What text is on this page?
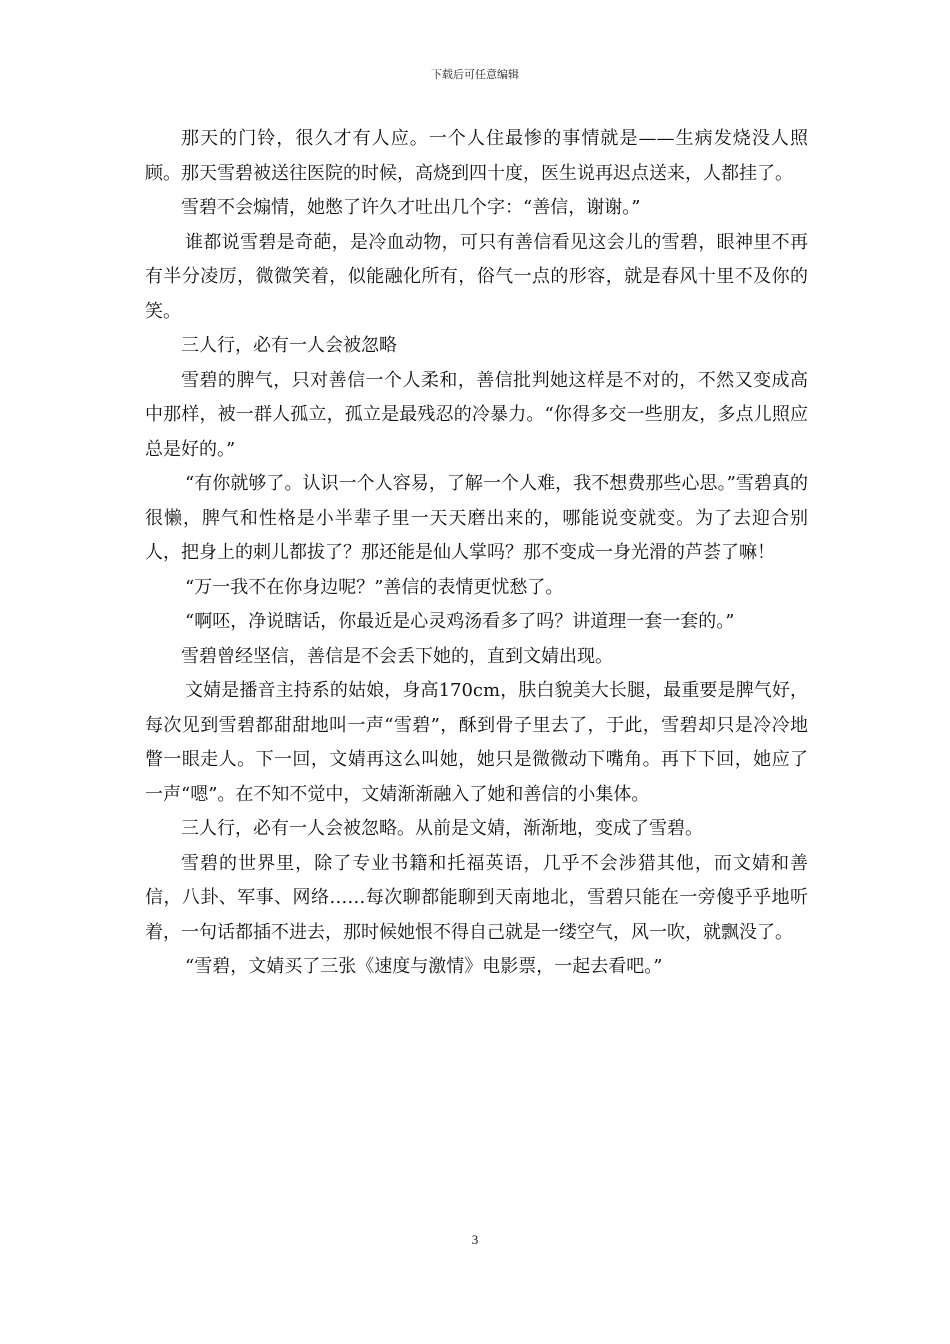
下载后可任意编辑

那天的门铃，很久才有人应。一个人住最惨的事情就是——生病发烧没人照顾。那天雪碧被送往医院的时候，高烧到四十度，医生说再迟点送来，人都挂了。

雪碧不会煽情，她憋了许久才吐出几个字：“善信，谢谢。”

谁都说雪碧是奇葩，是冷血动物，可只有善信看见这会儿的雪碧，眼神里不再有半分凌厉，微微笑着，似能融化所有，俗气一点的形容，就是春风十里不及你的笑。

三人行，必有一人会被忽略

雪碧的脾气，只对善信一个人柔和，善信批判她这样是不对的，不然又变成高中那样，被一群人孤立，孤立是最残忍的冷暴力。“你得多交一些朋友，多点儿照应总是好的。”

“有你就够了。认识一个人容易，了解一个人难，我不想费那些心思。”雪碧真的很懒，脾气和性格是小半辈子里一天天磨出来的，哪能说变就变。为了去迎合别人，把身上的刺儿都拔了？那还能是仙人掌吗？那不变成一身光滑的芦荟了嘛！

“万一我不在你身边呢？”善信的表情更忧愁了。

“啊呸，净说瞎话，你最近是心灵鸡汤看多了吗？讲道理一套一套的。”

雪碧曾经坚信，善信是不会丢下她的，直到文婧出现。

文婧是播音主持系的姑娘，身高170cm，肤白貌美大长腿，最重要是脾气好，每次见到雪碧都甜甜地叫一声“雪碧”，酥到骨子里去了，于此，雪碧却只是冷冷地瞥一眼走人。下一回，文婧再这么叫她，她只是微微动下嘴角。再下下回，她应了一声“嗯”。在不知不觉中，文婧渐渐融入了她和善信的小集体。

三人行，必有一人会被忽略。从前是文婧，渐渐地，变成了雪碧。

雪碧的世界里，除了专业书籍和托福英语，几乎不会涉猎其他，而文婧和善信，八卦、军事、网络……每次聊都能聊到天南地北，雪碧只能在一旁傻乎乎地听着，一句话都插不进去，那时候她恨不得自己就是一缕空气，风一吹，就飘没了。

“雪碧，文婧买了三张《速度与激情》电影票，一起去看吧。”

3
